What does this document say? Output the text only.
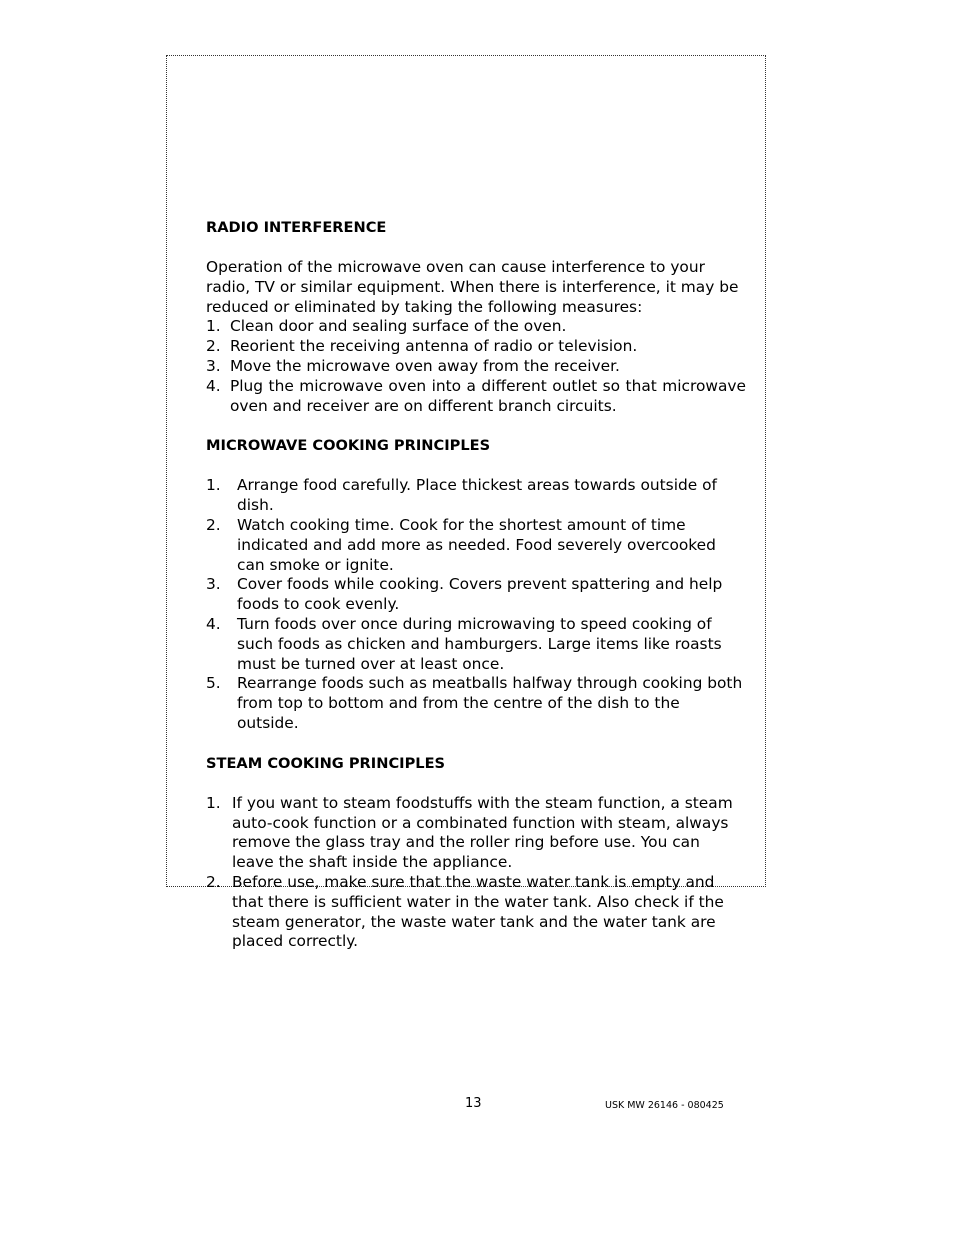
RADIO INTERFERENCE

Operation of the microwave oven can cause interference to your radio, TV or similar equipment. When there is interference, it may be reduced or eliminated by taking the following measures:

1. Clean door and sealing surface of the oven.
2. Reorient the receiving antenna of radio or television.
3. Move the microwave oven away from the receiver.
4. Plug the microwave oven into a different outlet so that microwave oven and receiver are on different branch circuits.
MICROWAVE COOKING PRINCIPLES
1.	Arrange food carefully. Place thickest areas towards outside of dish.
2.	Watch cooking time. Cook for the shortest amount of time indicated and add more as needed. Food severely overcooked can smoke or ignite.
3.	Cover foods while cooking. Covers prevent spattering and help foods to cook evenly.
4.	Turn foods over once during microwaving to speed cooking of such foods as chicken and hamburgers. Large items like roasts must be turned over at least once.
5.	Rearrange foods such as meatballs halfway through cooking both from top to bottom and from the centre of the dish to the outside.
STEAM COOKING PRINCIPLES
1. If you want to steam foodstuffs with the steam function, a steam auto-cook function or a combinated function with steam, always remove the glass tray and the roller ring before use. You can leave the shaft inside the appliance.
2. Before use, make sure that the waste water tank is empty and that there is sufficient water in the water tank. Also check if the steam generator, the waste water tank and the water tank are placed correctly.
13	USK MW 26146 - 080425
